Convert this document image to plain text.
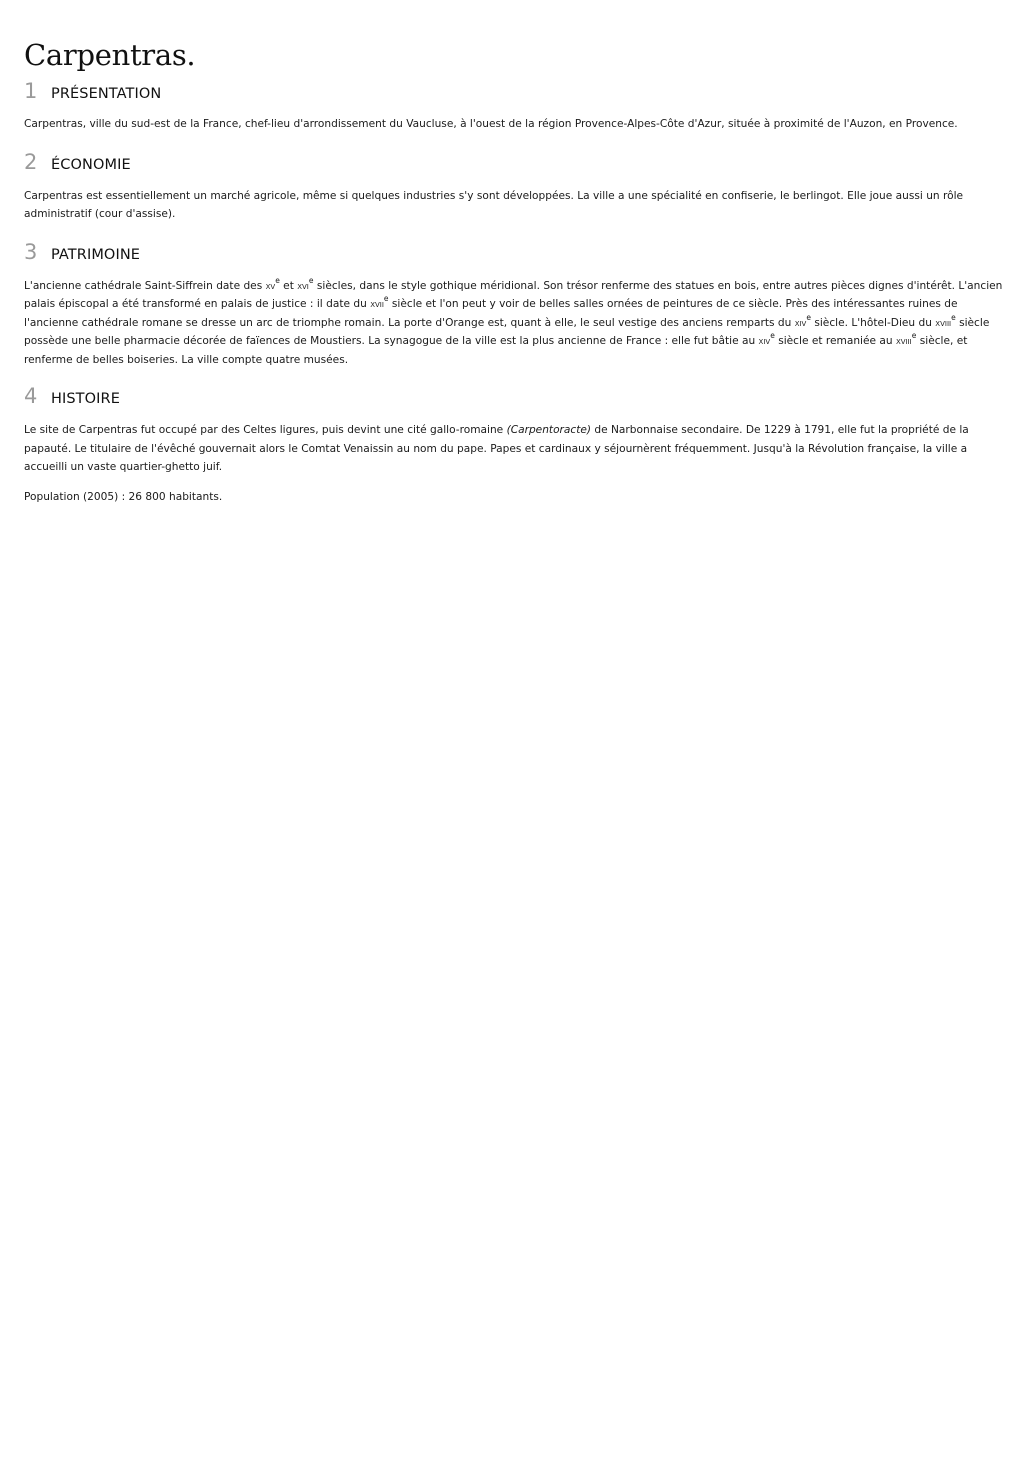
Carpentras.
1 PRÉSENTATION

Carpentras, ville du sud-est de la France, chef-lieu d'arrondissement du Vaucluse, à l'ouest de la région Provence-Alpes-Côte d'Azur, située à proximité de l'Auzon, en Provence.

2 ÉCONOMIE

Carpentras est essentiellement un marché agricole, même si quelques industries s'y sont développées. La ville a une spécialité en confiserie, le berlingot. Elle joue aussi un rôle administratif (cour d'assise).

3 PATRIMOINE

L'ancienne cathédrale Saint-Siffrein date des $xv^e$ et xvi$^e$ siècles, dans le style gothique méridional. Son trésor renferme des statues en bois, entre autres pièces dignes d'intérêt. L'ancien palais épiscopal a été transformé en palais de justice : il date du xvii$^e$ siècle et l'on peut y voir de belles salles ornées de peintures de ce siècle. Près des intéressantes ruines de l'ancienne cathédrale romane se dresse un arc de triomphe romain. La porte d'Orange est, quant à elle, le seul vestige des anciens remparts du xiv$^e$ siècle. L'hôtel-Dieu du xviii$^e$ siècle possède une belle pharmacie décorée de faïences de Moustiers. La synagogue de la ville est la plus ancienne de France : elle fut bâtie au xiv$^e$ siècle et remaniée au xviii$^e$ siècle, et renferme de belles boiseries. La ville compte quatre musées.

4 HISTOIRE

Le site de Carpentras fut occupé par des Celtes ligures, puis devint une cité gallo-romaine (Carpentoracte) de Narbonnaise secondaire. De 1229 à 1791, elle fut la propriété de la papauté. Le titulaire de l'évêché gouvernait alors le Comtat Venaissin au nom du pape. Papes et cardinaux y séjournèrent fréquemment. Jusqu'à la Révolution française, la ville a accueilli un vaste quartier-ghetto juif.

Population (2005) : 26 800 habitants.
